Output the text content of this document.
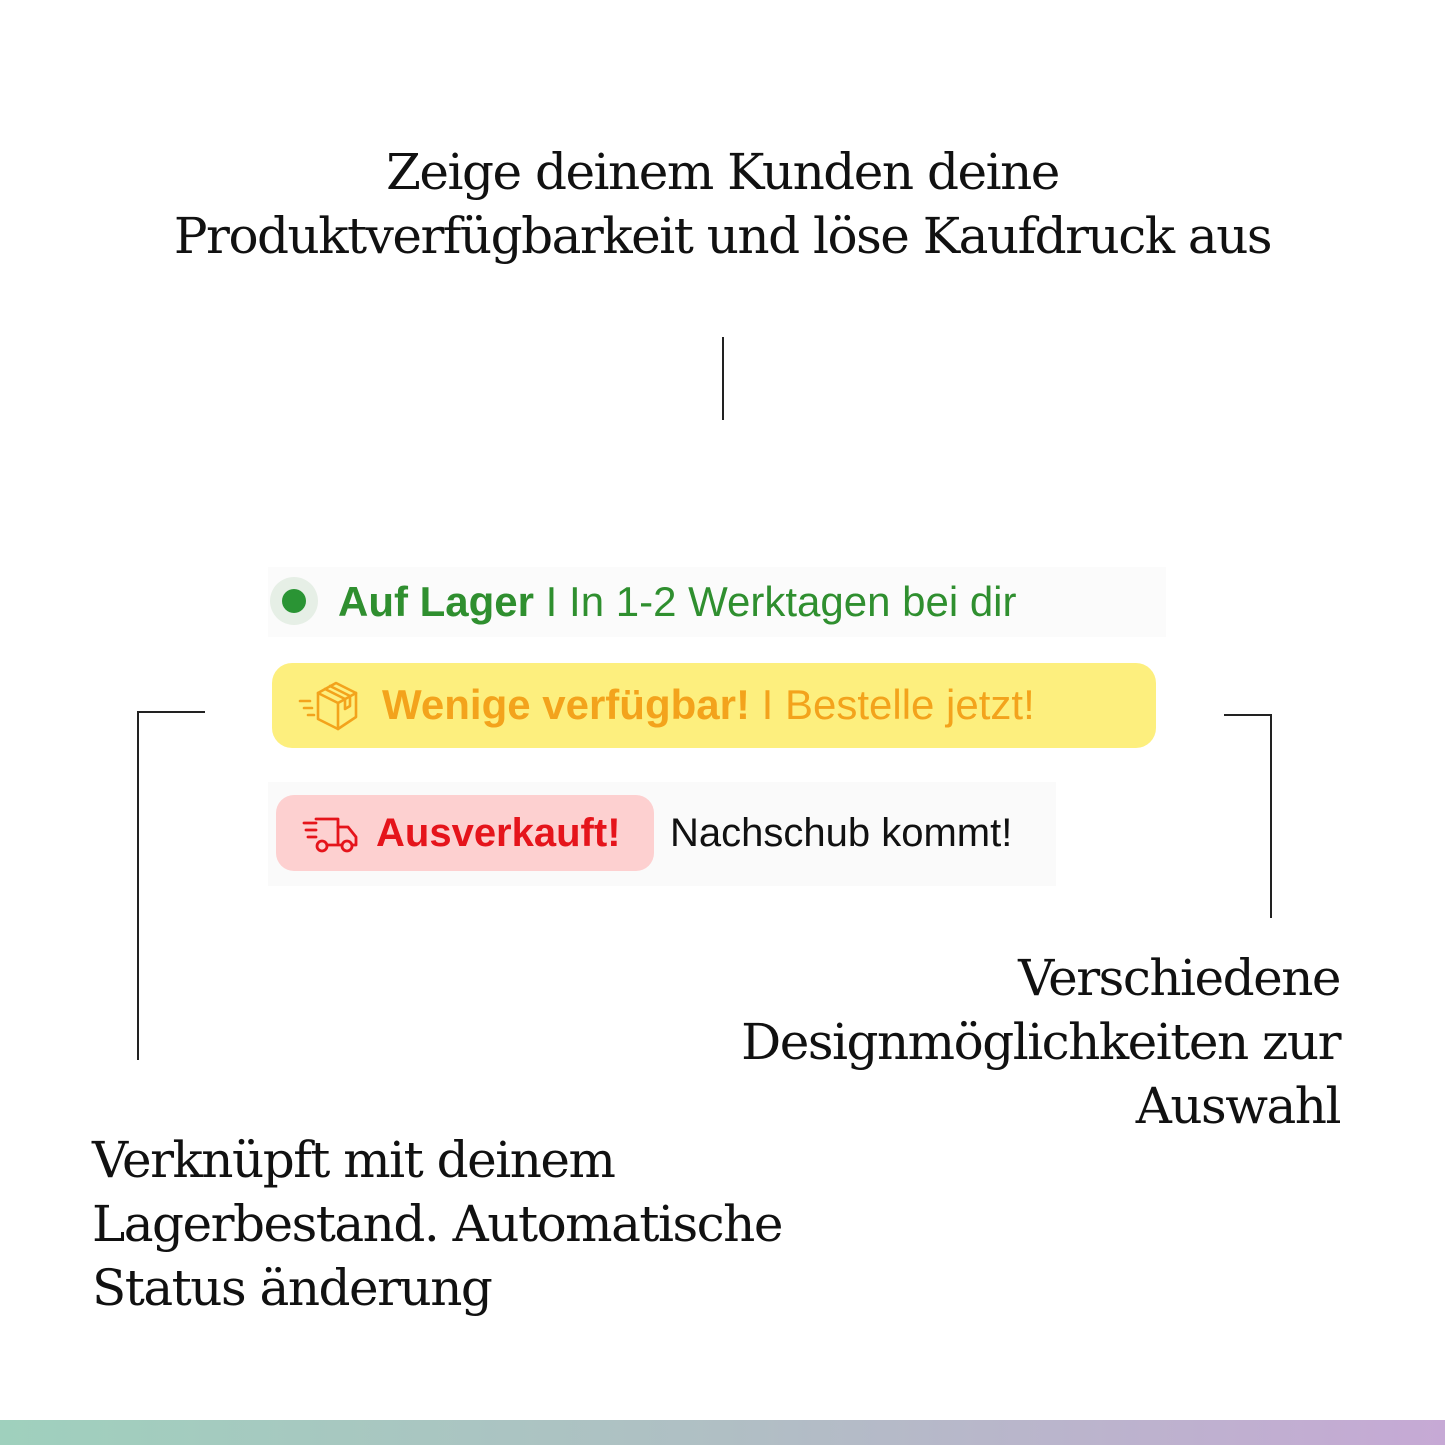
Zeige deinem Kunden deine
Produktverfügbarkeit und löse Kaufdruck aus
Auf Lager I In 1-2 Werktagen bei dir
Wenige verfügbar! I Bestelle jetzt!
Ausverkauft! Nachschub kommt!
Verschiedene
Designmöglichkeiten zur
Auswahl
Verknüpft mit deinem
Lagerbestand. Automatische
Status änderung
